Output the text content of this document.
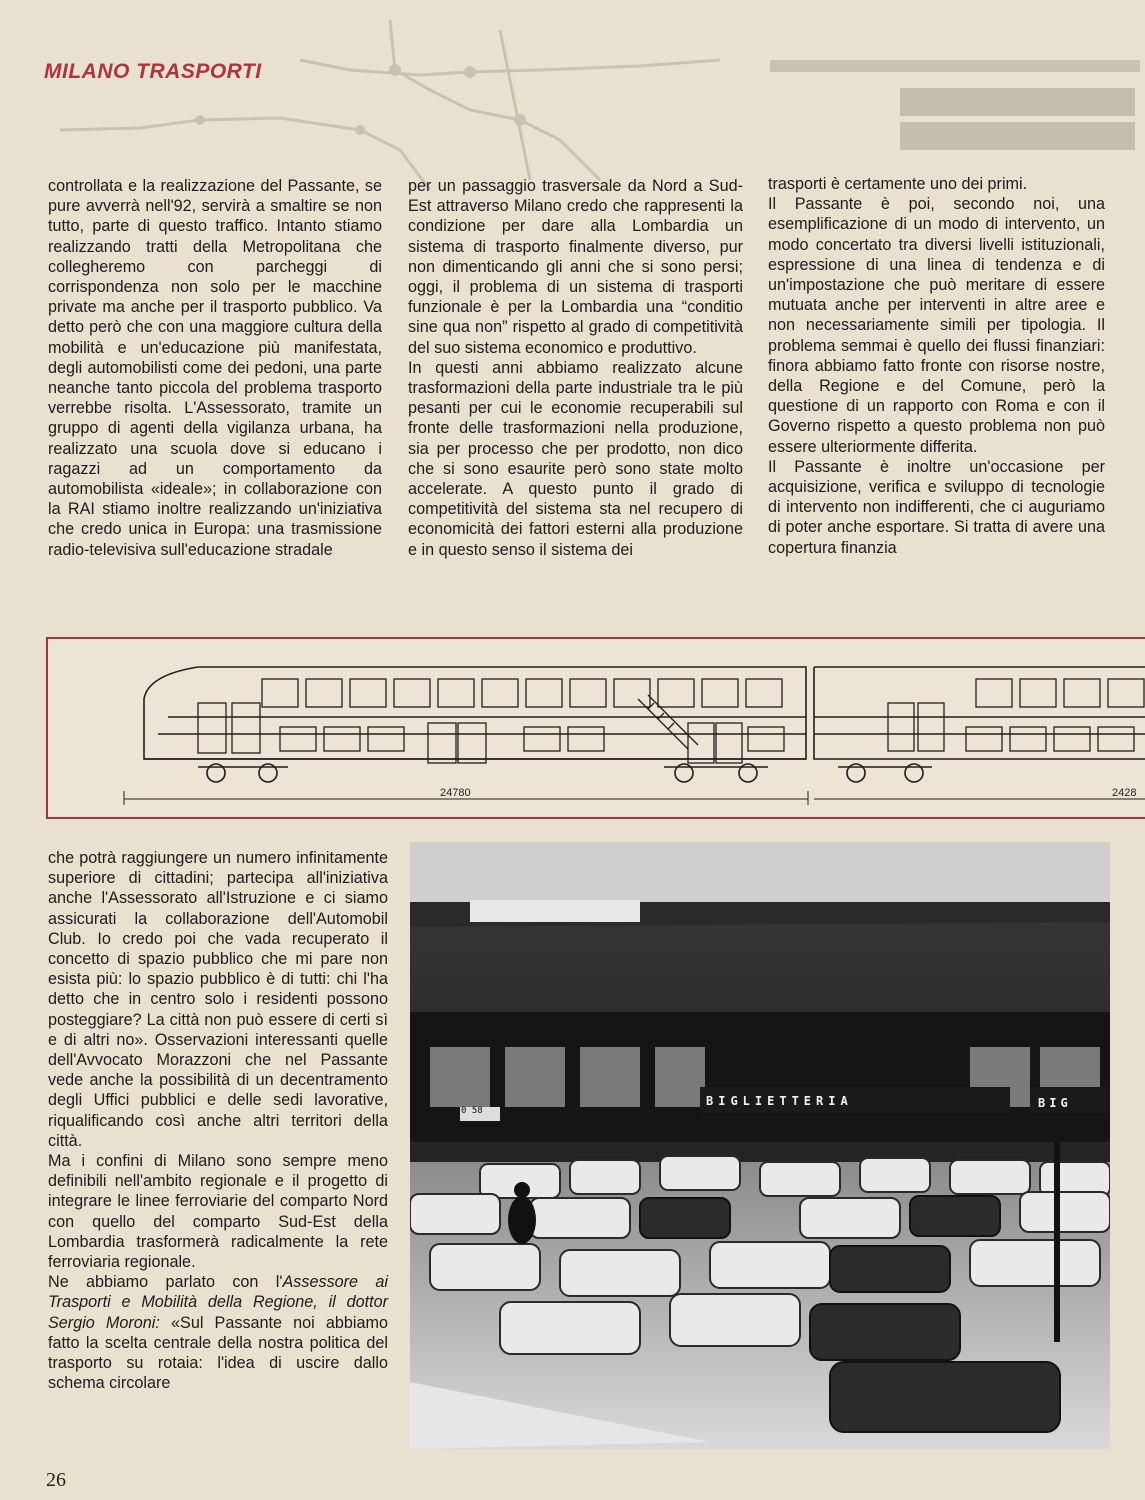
MILANO TRASPORTI

controllata e la realizzazione del Passante, se pure avverrà nell'92, servirà a smaltire se non tutto, parte di questo traffico. Intanto stiamo realizzando tratti della Metropolitana che collegheremo con parcheggi di corrispondenza non solo per le macchine private ma anche per il trasporto pubblico. Va detto però che con una maggiore cultura della mobilità e un'educazione più manifestata, degli automobilisti come dei pedoni, una parte neanche tanto piccola del problema trasporto verrebbe risolta. L'Assessorato, tramite un gruppo di agenti della vigilanza urbana, ha realizzato una scuola dove si educano i ragazzi ad un comportamento da automobilista «ideale»; in collaborazione con la RAI stiamo inoltre realizzando un'iniziativa che credo unica in Europa: una trasmissione radio-televisiva sull'educazione stradale

per un passaggio trasversale da Nord a Sud-Est attraverso Milano credo che rappresenti la condizione per dare alla Lombardia un sistema di trasporto finalmente diverso, pur non dimenticando gli anni che si sono persi; oggi, il problema di un sistema di trasporti funzionale è per la Lombardia una “conditio sine qua non” rispetto al grado di competitività del suo sistema economico e produttivo.

In questi anni abbiamo realizzato alcune trasformazioni della parte industriale tra le più pesanti per cui le economie recuperabili sul fronte delle trasformazioni nella produzione, sia per processo che per prodotto, non dico che si sono esaurite però sono state molto accelerate. A questo punto il grado di competitività del sistema sta nel recupero di economicità dei fattori esterni alla produzione e in questo senso il sistema dei

trasporti è certamente uno dei primi.

Il Passante è poi, secondo noi, una esemplificazione di un modo di intervento, un modo concertato tra diversi livelli istituzionali, espressione di una linea di tendenza e di un'impostazione che può meritare di essere mutuata anche per interventi in altre aree e non necessariamente simili per tipologia. Il problema semmai è quello dei flussi finanziari: finora abbiamo fatto fronte con risorse nostre, della Regione e del Comune, però la questione di un rapporto con Roma e con il Governo rispetto a questo problema non può essere ulteriormente differita.

Il Passante è inoltre un'occasione per acquisizione, verifica e sviluppo di tecnologie di intervento non indifferenti, che ci auguriamo di poter anche esportare. Si tratta di avere una copertura finanzia

24780	2428

che potrà raggiungere un numero infinitamente superiore di cittadini; partecipa all'iniziativa anche l'Assessorato all'Istruzione e ci siamo assicurati la collaborazione dell'Automobil Club. Io credo poi che vada recuperato il concetto di spazio pubblico che mi pare non esista più: lo spazio pubblico è di tutti: chi l'ha detto che in centro solo i residenti possono posteggiare? La città non può essere di certi sì e di altri no». Osservazioni interessanti quelle dell'Avvocato Morazzoni che nel Passante vede anche la possibilità di un decentramento degli Uffici pubblici e delle sedi lavorative, riqualificando così anche altri territori della città.

Ma i confini di Milano sono sempre meno definibili nell'ambito regionale e il progetto di integrare le linee ferroviarie del comparto Nord con quello del comparto Sud-Est della Lombardia trasformerà radicalmente la rete ferroviaria regionale.

Ne abbiamo parlato con l'Assessore ai Trasporti e Mobilità della Regione, il dottor Sergio Moroni: «Sul Passante noi abbiamo fatto la scelta centrale della nostra politica del trasporto su rotaia: l'idea di uscire dallo schema circolare

BIGLIETTERIA	BIG
0 58
26
